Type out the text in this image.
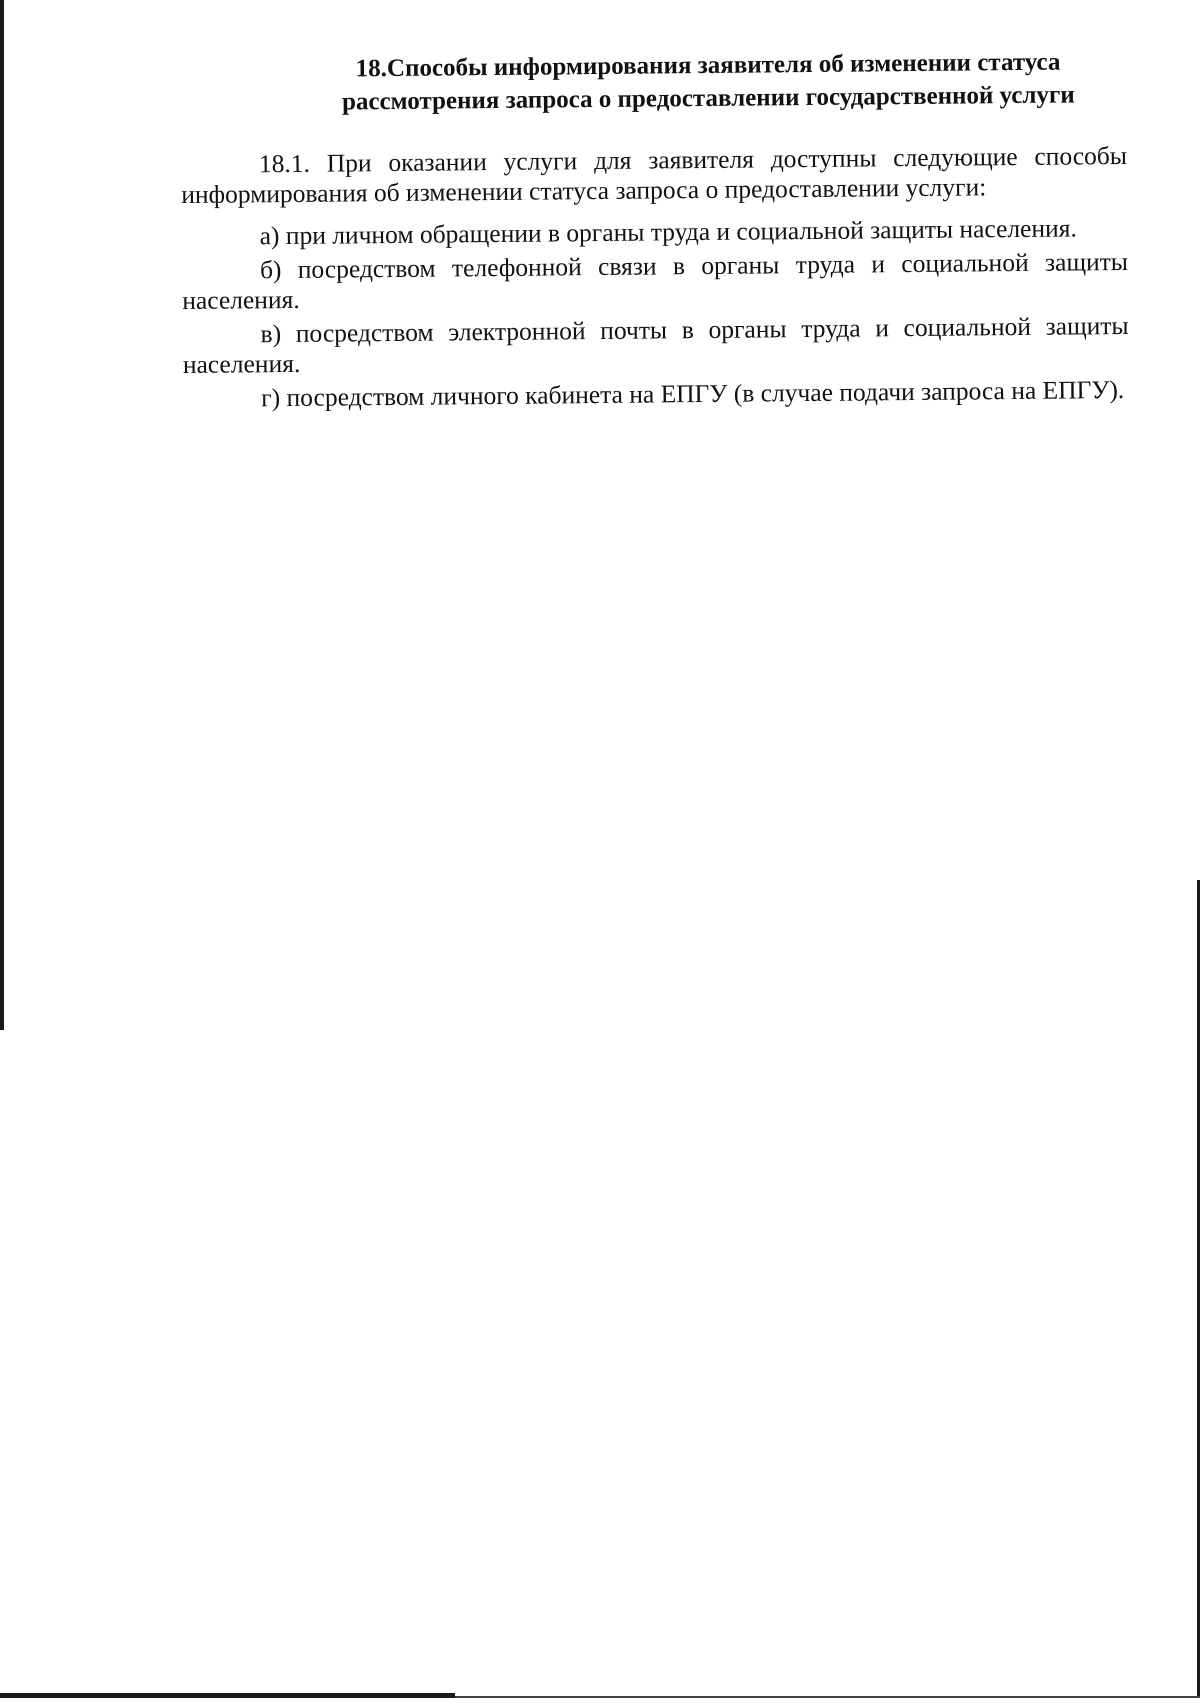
18.Способы информирования заявителя об изменении статуса рассмотрения запроса о предоставлении государственной услуги

18.1. При оказании услуги для заявителя доступны следующие способы информирования об изменении статуса запроса о предоставлении услуги:

а) при личном обращении в органы труда и социальной защиты населения.

б) посредством телефонной связи в органы труда и социальной защиты населения.

в) посредством электронной почты в органы труда и социальной защиты населения.

г) посредством личного кабинета на ЕПГУ (в случае подачи запроса на ЕПГУ).
